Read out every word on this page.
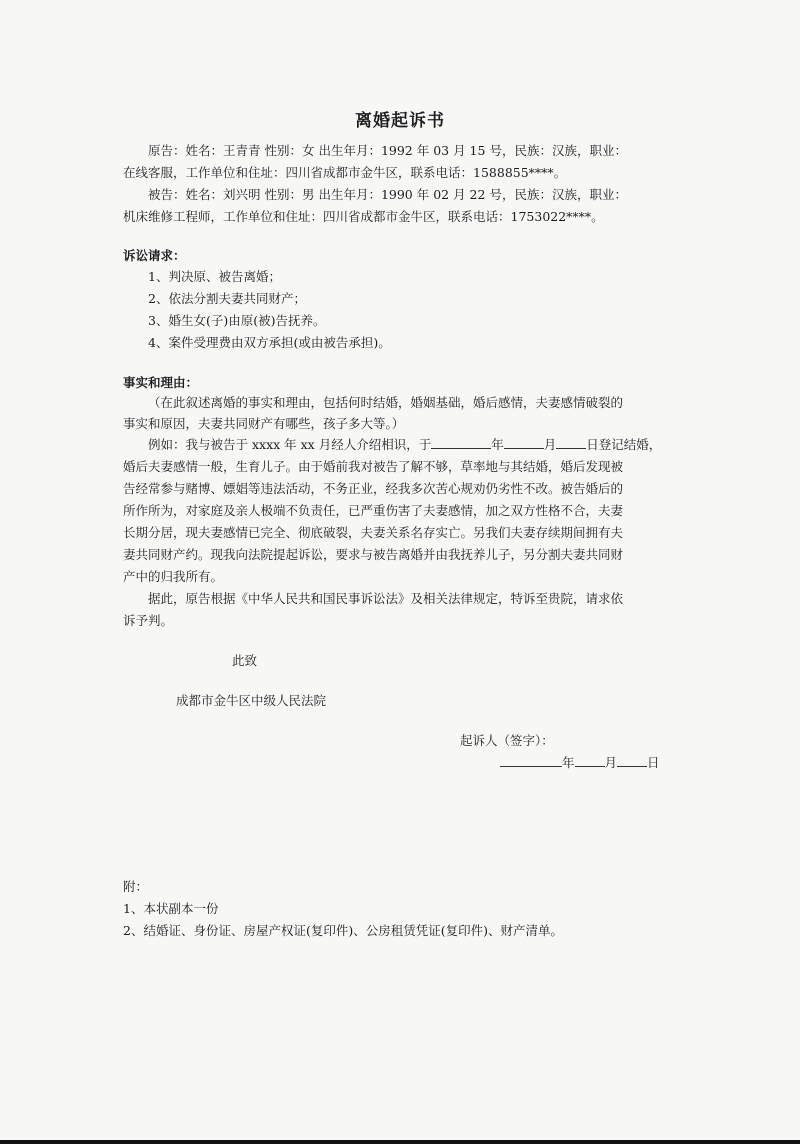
离婚起诉书

原告：姓名：王青青 性别：女 出生年月：1992 年 03 月 15 号，民族：汉族，职业：

在线客服，工作单位和住址：四川省成都市金牛区，联系电话：1588855****。

被告：姓名：刘兴明 性别：男 出生年月：1990 年 02 月 22 号，民族：汉族，职业：

机床维修工程师，工作单位和住址：四川省成都市金牛区，联系电话：1753022****。

诉讼请求：

1、判决原、被告离婚；

2、依法分割夫妻共同财产；

3、婚生女(子)由原(被)告抚养。

4、案件受理费由双方承担(或由被告承担)。

事实和理由：

（在此叙述离婚的事实和理由，包括何时结婚，婚姻基础，婚后感情，夫妻感情破裂的

事实和原因，夫妻共同财产有哪些，孩子多大等。）

例如：我与被告于 xxxx 年 xx 月经人介绍相识，于	年	月 日登记结婚，

婚后夫妻感情一般，生育儿子。由于婚前我对被告了解不够，草率地与其结婚，婚后发现被

告经常参与赌博、嫖娼等违法活动，不务正业，经我多次苦心规劝仍劣性不改。被告婚后的

所作所为，对家庭及亲人极端不负责任，已严重伤害了夫妻感情，加之双方性格不合，夫妻

长期分居，现夫妻感情已完全、彻底破裂，夫妻关系名存实亡。另我们夫妻存续期间拥有夫

妻共同财产约。现我向法院提起诉讼，要求与被告离婚并由我抚养儿子，另分割夫妻共同财

产中的归我所有。

据此，原告根据《中华人民共和国民事诉讼法》及相关法律规定，特诉至贵院，请求依

诉予判。

此致

成都市金牛区中级人民法院

起诉人（签字）：

年 月 日

附：

1、本状副本一份

2、结婚证、身份证、房屋产权证(复印件)、公房租赁凭证(复印件)、财产清单。
